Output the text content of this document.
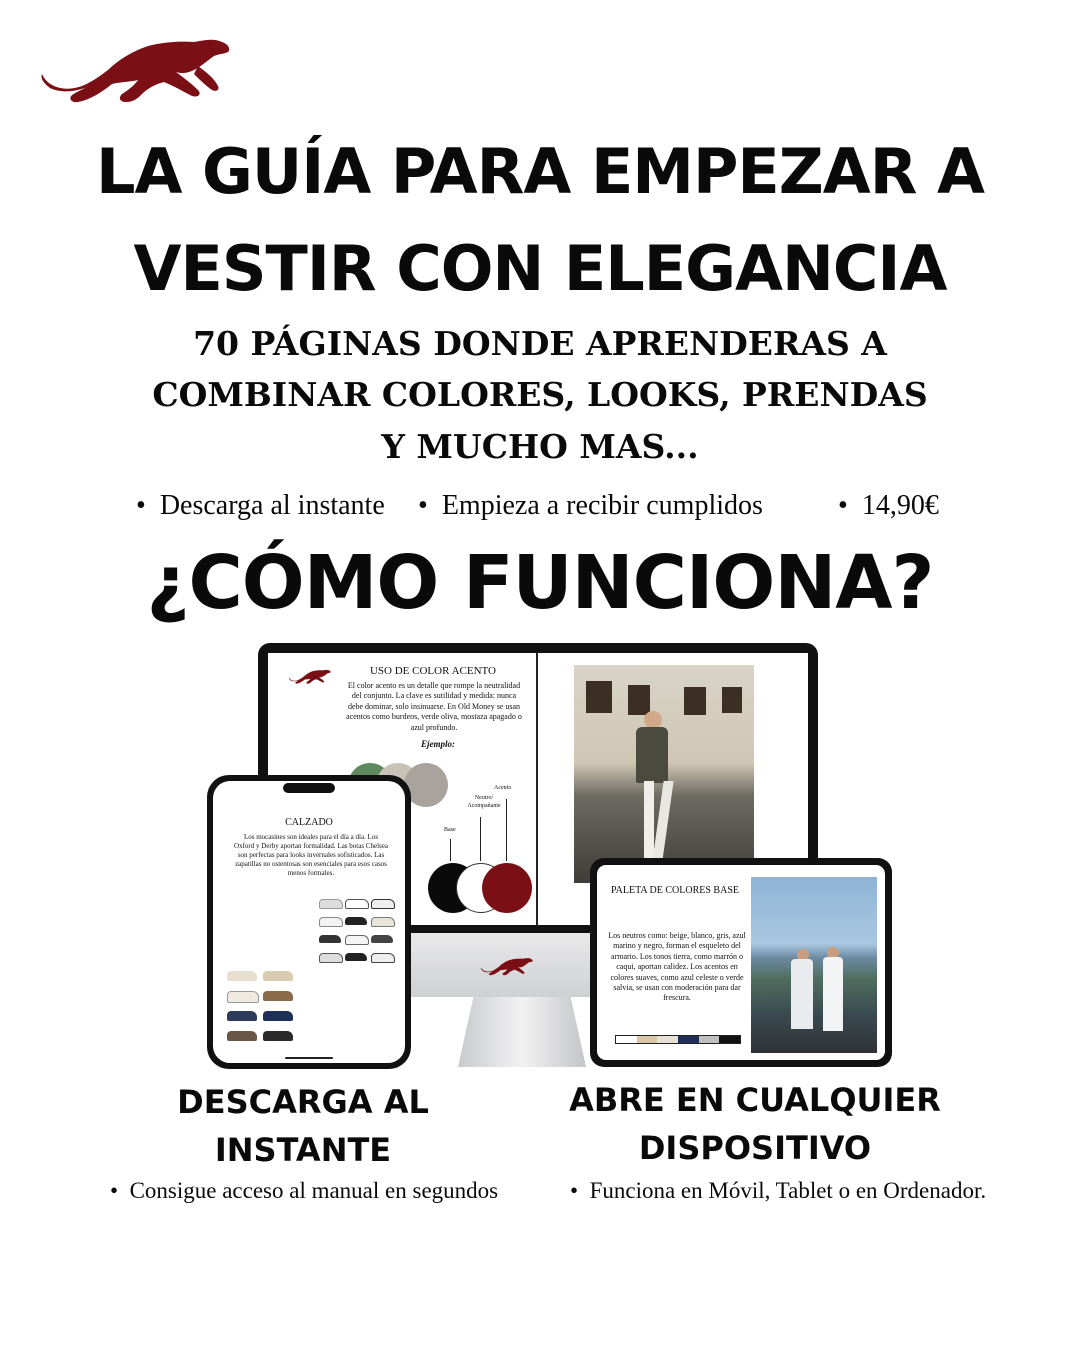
LA GUÍA PARA EMPEZAR A
VESTIR CON ELEGANCIA
70 PÁGINAS DONDE APRENDERAS A
COMBINAR COLORES, LOOKS, PRENDAS
Y MUCHO MAS...
•  Descarga al instante •  Empieza a recibir cumplidos	•  14,90€
¿CÓMO FUNCIONA?
USO DE COLOR ACENTO
El color acento es un detalle que rompe la neutralidad del conjunto. La clave es sutilidad y medida: nunca debe dominar, solo insinuarse. En Old Money se usan acentos como burdeos, verde oliva, mostaza apagado o azul profundo.
Ejemplo:
Base
Neutro/ Acompañante
Acento
CALZADO
Los mocasines son ideales para el día a día. Los Oxford y Derby aportan formalidad. Las botas Chelsea son perfectas para looks invernales sofisticados. Las zapatillas no ostentosas son esenciales para esos casos menos formales.
PALETA DE COLORES BASE
Los neutros como: beige, blanco, gris, azul marino y negro, forman el esqueleto del armario. Los tonos tierra, como marrón o caqui, aportan calidez. Los acentos en colores suaves, como azul celeste o verde salvia, se usan con moderación para dar frescura.
DESCARGA AL
INSTANTE
•  Consigue acceso al manual en segundos
ABRE EN CUALQUIER
DISPOSITIVO
•  Funciona en Móvil, Tablet o en Ordenador.
